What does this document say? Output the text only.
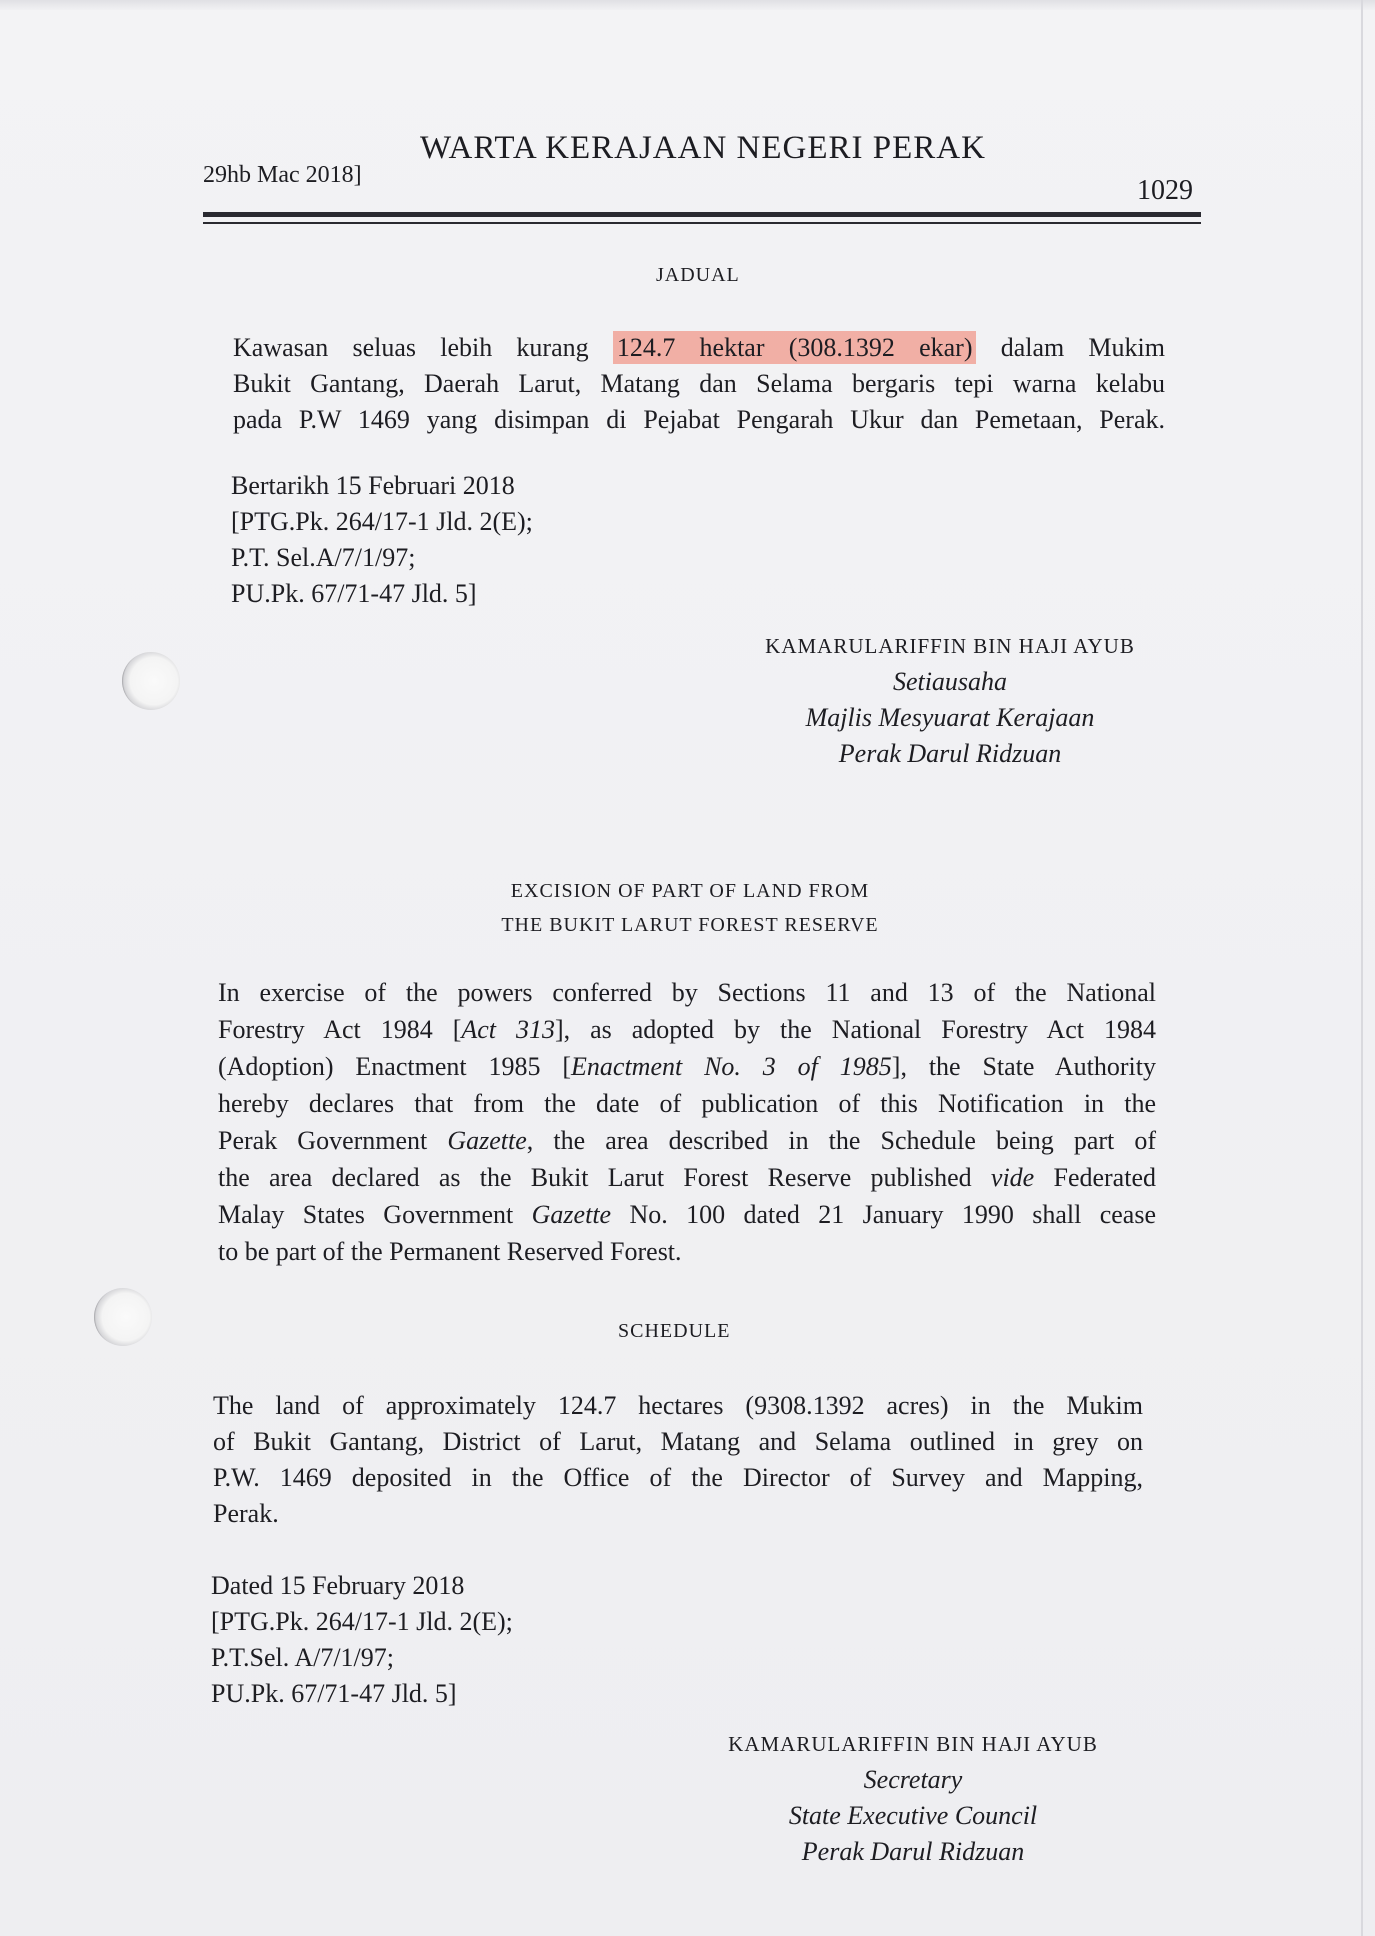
WARTA KERAJAAN NEGERI PERAK
29hb Mac 2018]	1029
JADUAL
Kawasan seluas lebih kurang 124.7 hektar (308.1392 ekar) dalam Mukim
Bukit Gantang, Daerah Larut, Matang dan Selama bergaris tepi warna kelabu
pada P.W 1469 yang disimpan di Pejabat Pengarah Ukur dan Pemetaan, Perak.
Bertarikh 15 Februari 2018
[PTG.Pk. 264/17-1 Jld. 2(E);
P.T. Sel.A/7/1/97;
PU.Pk. 67/71-47 Jld. 5]
KAMARULARIFFIN BIN HAJI AYUB
Setiausaha
Majlis Mesyuarat Kerajaan
Perak Darul Ridzuan
EXCISION OF PART OF LAND FROM
THE BUKIT LARUT FOREST RESERVE
In exercise of the powers conferred by Sections 11 and 13 of the National
Forestry Act 1984 [Act 313], as adopted by the National Forestry Act 1984
(Adoption) Enactment 1985 [Enactment No. 3 of 1985], the State Authority
hereby declares that from the date of publication of this Notification in the
Perak Government Gazette, the area described in the Schedule being part of
the area declared as the Bukit Larut Forest Reserve published vide Federated
Malay States Government Gazette No. 100 dated 21 January 1990 shall cease
to be part of the Permanent Reserved Forest.
SCHEDULE
The land of approximately 124.7 hectares (9308.1392 acres) in the Mukim
of Bukit Gantang, District of Larut, Matang and Selama outlined in grey on
P.W. 1469 deposited in the Office of the Director of Survey and Mapping,
Perak.
Dated 15 February 2018
[PTG.Pk. 264/17-1 Jld. 2(E);
P.T.Sel. A/7/1/97;
PU.Pk. 67/71-47 Jld. 5]
KAMARULARIFFIN BIN HAJI AYUB
Secretary
State Executive Council
Perak Darul Ridzuan
